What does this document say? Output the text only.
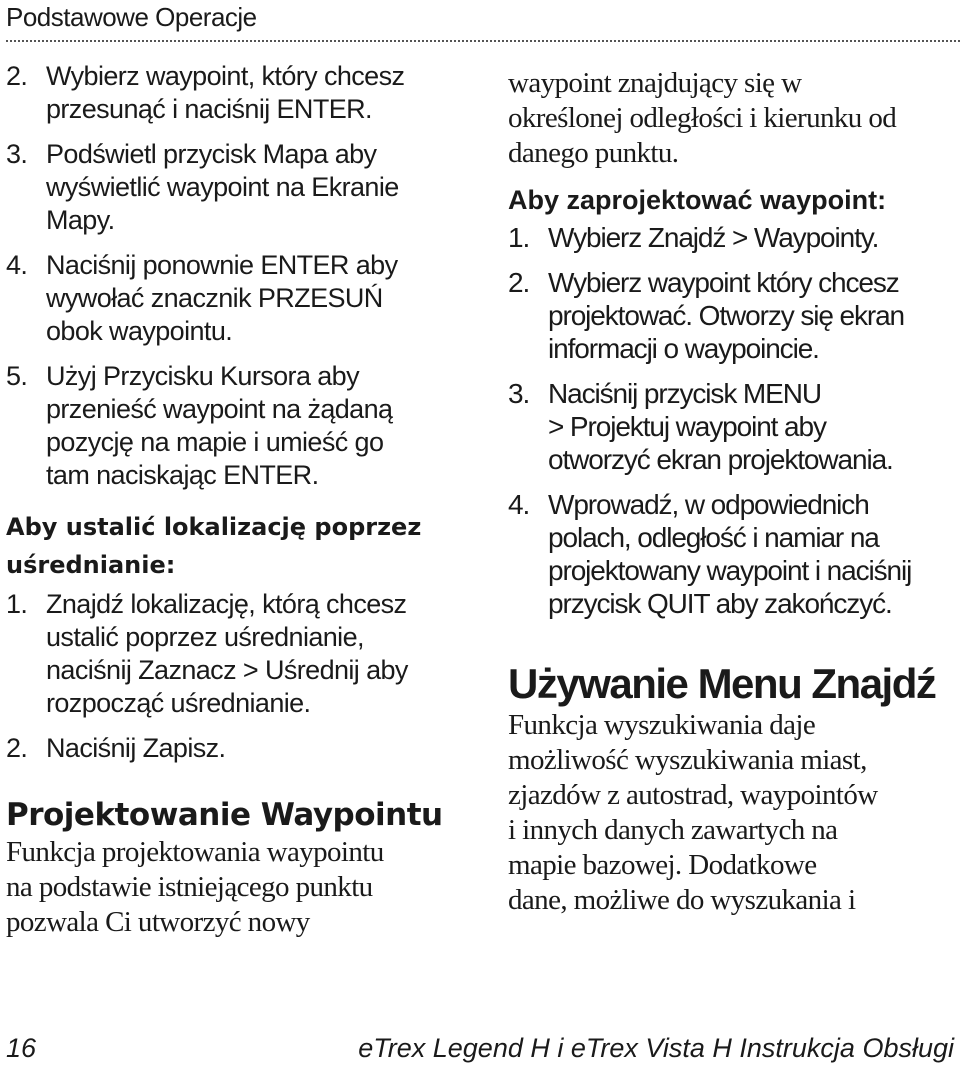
Podstawowe Operacje
2. Wybierz waypoint, który chcesz
przesunąć i naciśnij ENTER.
3. Podświetl przycisk Mapa aby
wyświetlić waypoint na Ekranie
Mapy.
4. Naciśnij ponownie ENTER aby
wywołać znacznik PRZESUŃ
obok waypointu.
5. Użyj Przycisku Kursora aby
przenieść waypoint na żądaną
pozycję na mapie i umieść go
tam naciskając ENTER.
Aby ustalić lokalizację poprzez
uśrednianie:
1. Znajdź lokalizację, którą chcesz
ustalić poprzez uśrednianie,
naciśnij Zaznacz > Uśrednij aby
rozpocząć uśrednianie.
2. Naciśnij Zapisz.
Projektowanie Waypointu
Funkcja projektowania waypointu
na podstawie istniejącego punktu
pozwala Ci utworzyć nowy
waypoint znajdujący się w
określonej odległości i kierunku od
danego punktu.
Aby zaprojektować waypoint:
1. Wybierz Znajdź > Waypointy.
2. Wybierz waypoint który chcesz
projektować. Otworzy się ekran
informacji o waypoincie.
3. Naciśnij przycisk MENU
> Projektuj waypoint aby
otworzyć ekran projektowania.
4. Wprowadź, w odpowiednich
polach, odległość i namiar na
projektowany waypoint i naciśnij
przycisk QUIT aby zakończyć.
Używanie Menu Znajdź
Funkcja wyszukiwania daje
możliwość wyszukiwania miast,
zjazdów z autostrad, waypointów
i innych danych zawartych na
mapie bazowej. Dodatkowe
dane, możliwe do wyszukania i
16	eTrex Legend H i eTrex Vista H Instrukcja Obsługi
